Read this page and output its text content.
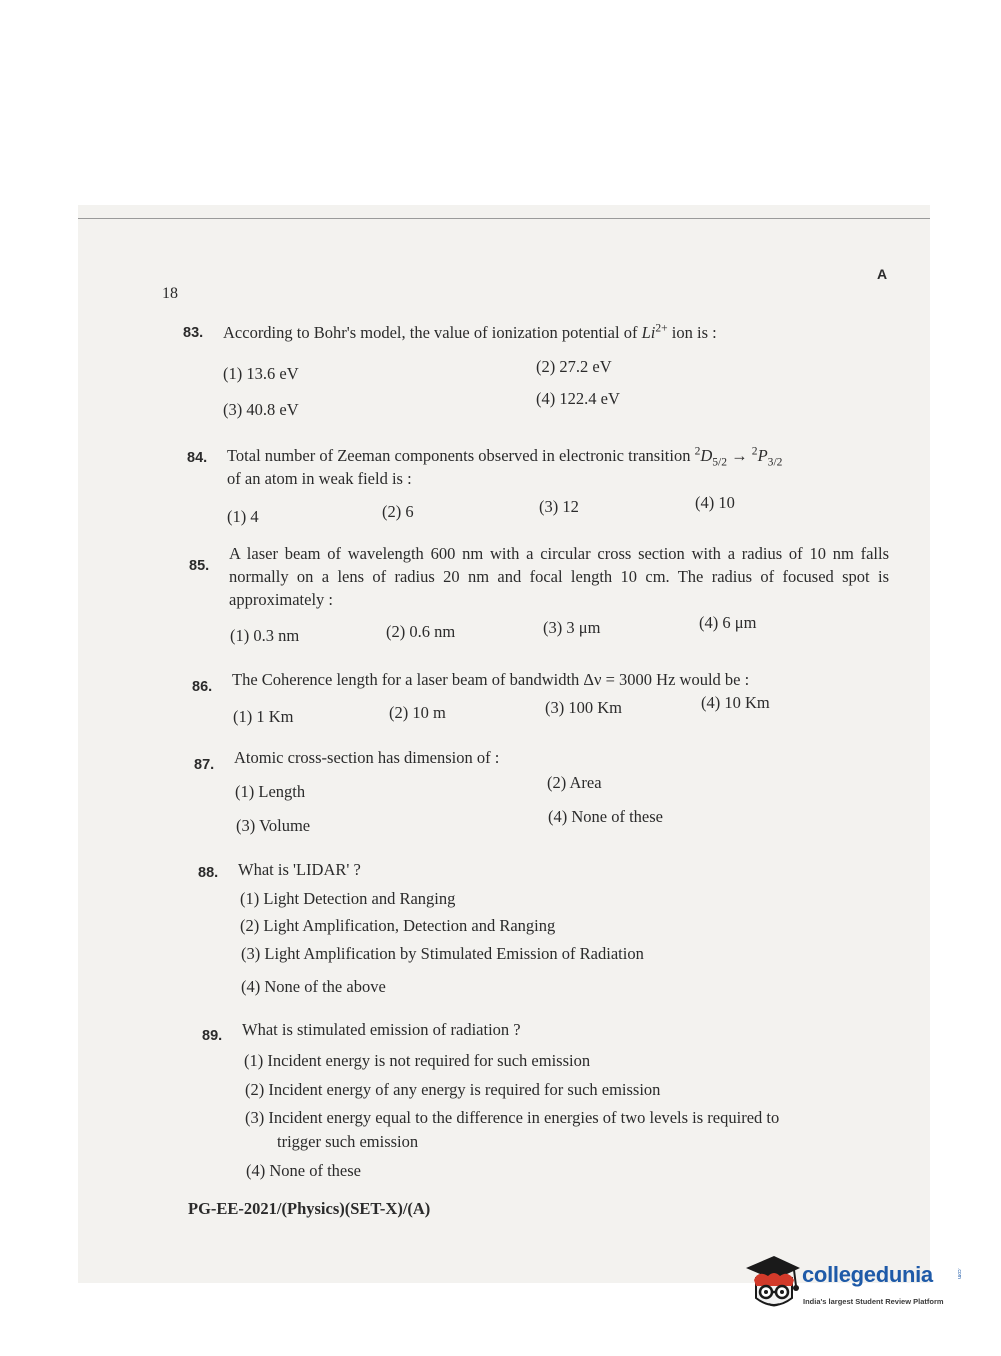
18
A
83. According to Bohr's model, the value of ionization potential of $Li^{2+}$ ion is :
(1) 13.6 eV	(2) 27.2 eV
(3) 40.8 eV
(4) 122.4 eV
84. Total number of Zeeman components observed in electronic transition $^2D_{5/2} \to ^2P_{3/2}$
of an atom in weak field is :
(1) 4	(2) 6	(3) 12	(4) 10
85.
A laser beam of wavelength 600 nm with a circular cross section with a radius of 10 nm falls normally on a lens of radius 20 nm and focal length 10 cm. The radius of focused spot is approximately :
(1) 0.3 nm	(2) 0.6 nm	(3) 3 μm	(4) 6 μm
86. The Coherence length for a laser beam of bandwidth Δν = 3000 Hz would be :
(1) 1 Km	(2) 10 m	(3) 100 Km	(4) 10 Km
87. Atomic cross-section has dimension of :
(1) Length	(2) Area
(3) Volume	(4) None of these
88. What is 'LIDAR' ?
(1) Light Detection and Ranging
(2) Light Amplification, Detection and Ranging
(3) Light Amplification by Stimulated Emission of Radiation
(4) None of the above
89. What is stimulated emission of radiation ?
(1) Incident energy is not required for such emission
(2) Incident energy of any energy is required for such emission
(3) Incident energy equal to the difference in energies of two levels is required to
trigger such emission
(4) None of these
PG-EE-2021/(Physics)(SET-X)/(A)
collegedunia	.com
India's largest Student Review Platform
